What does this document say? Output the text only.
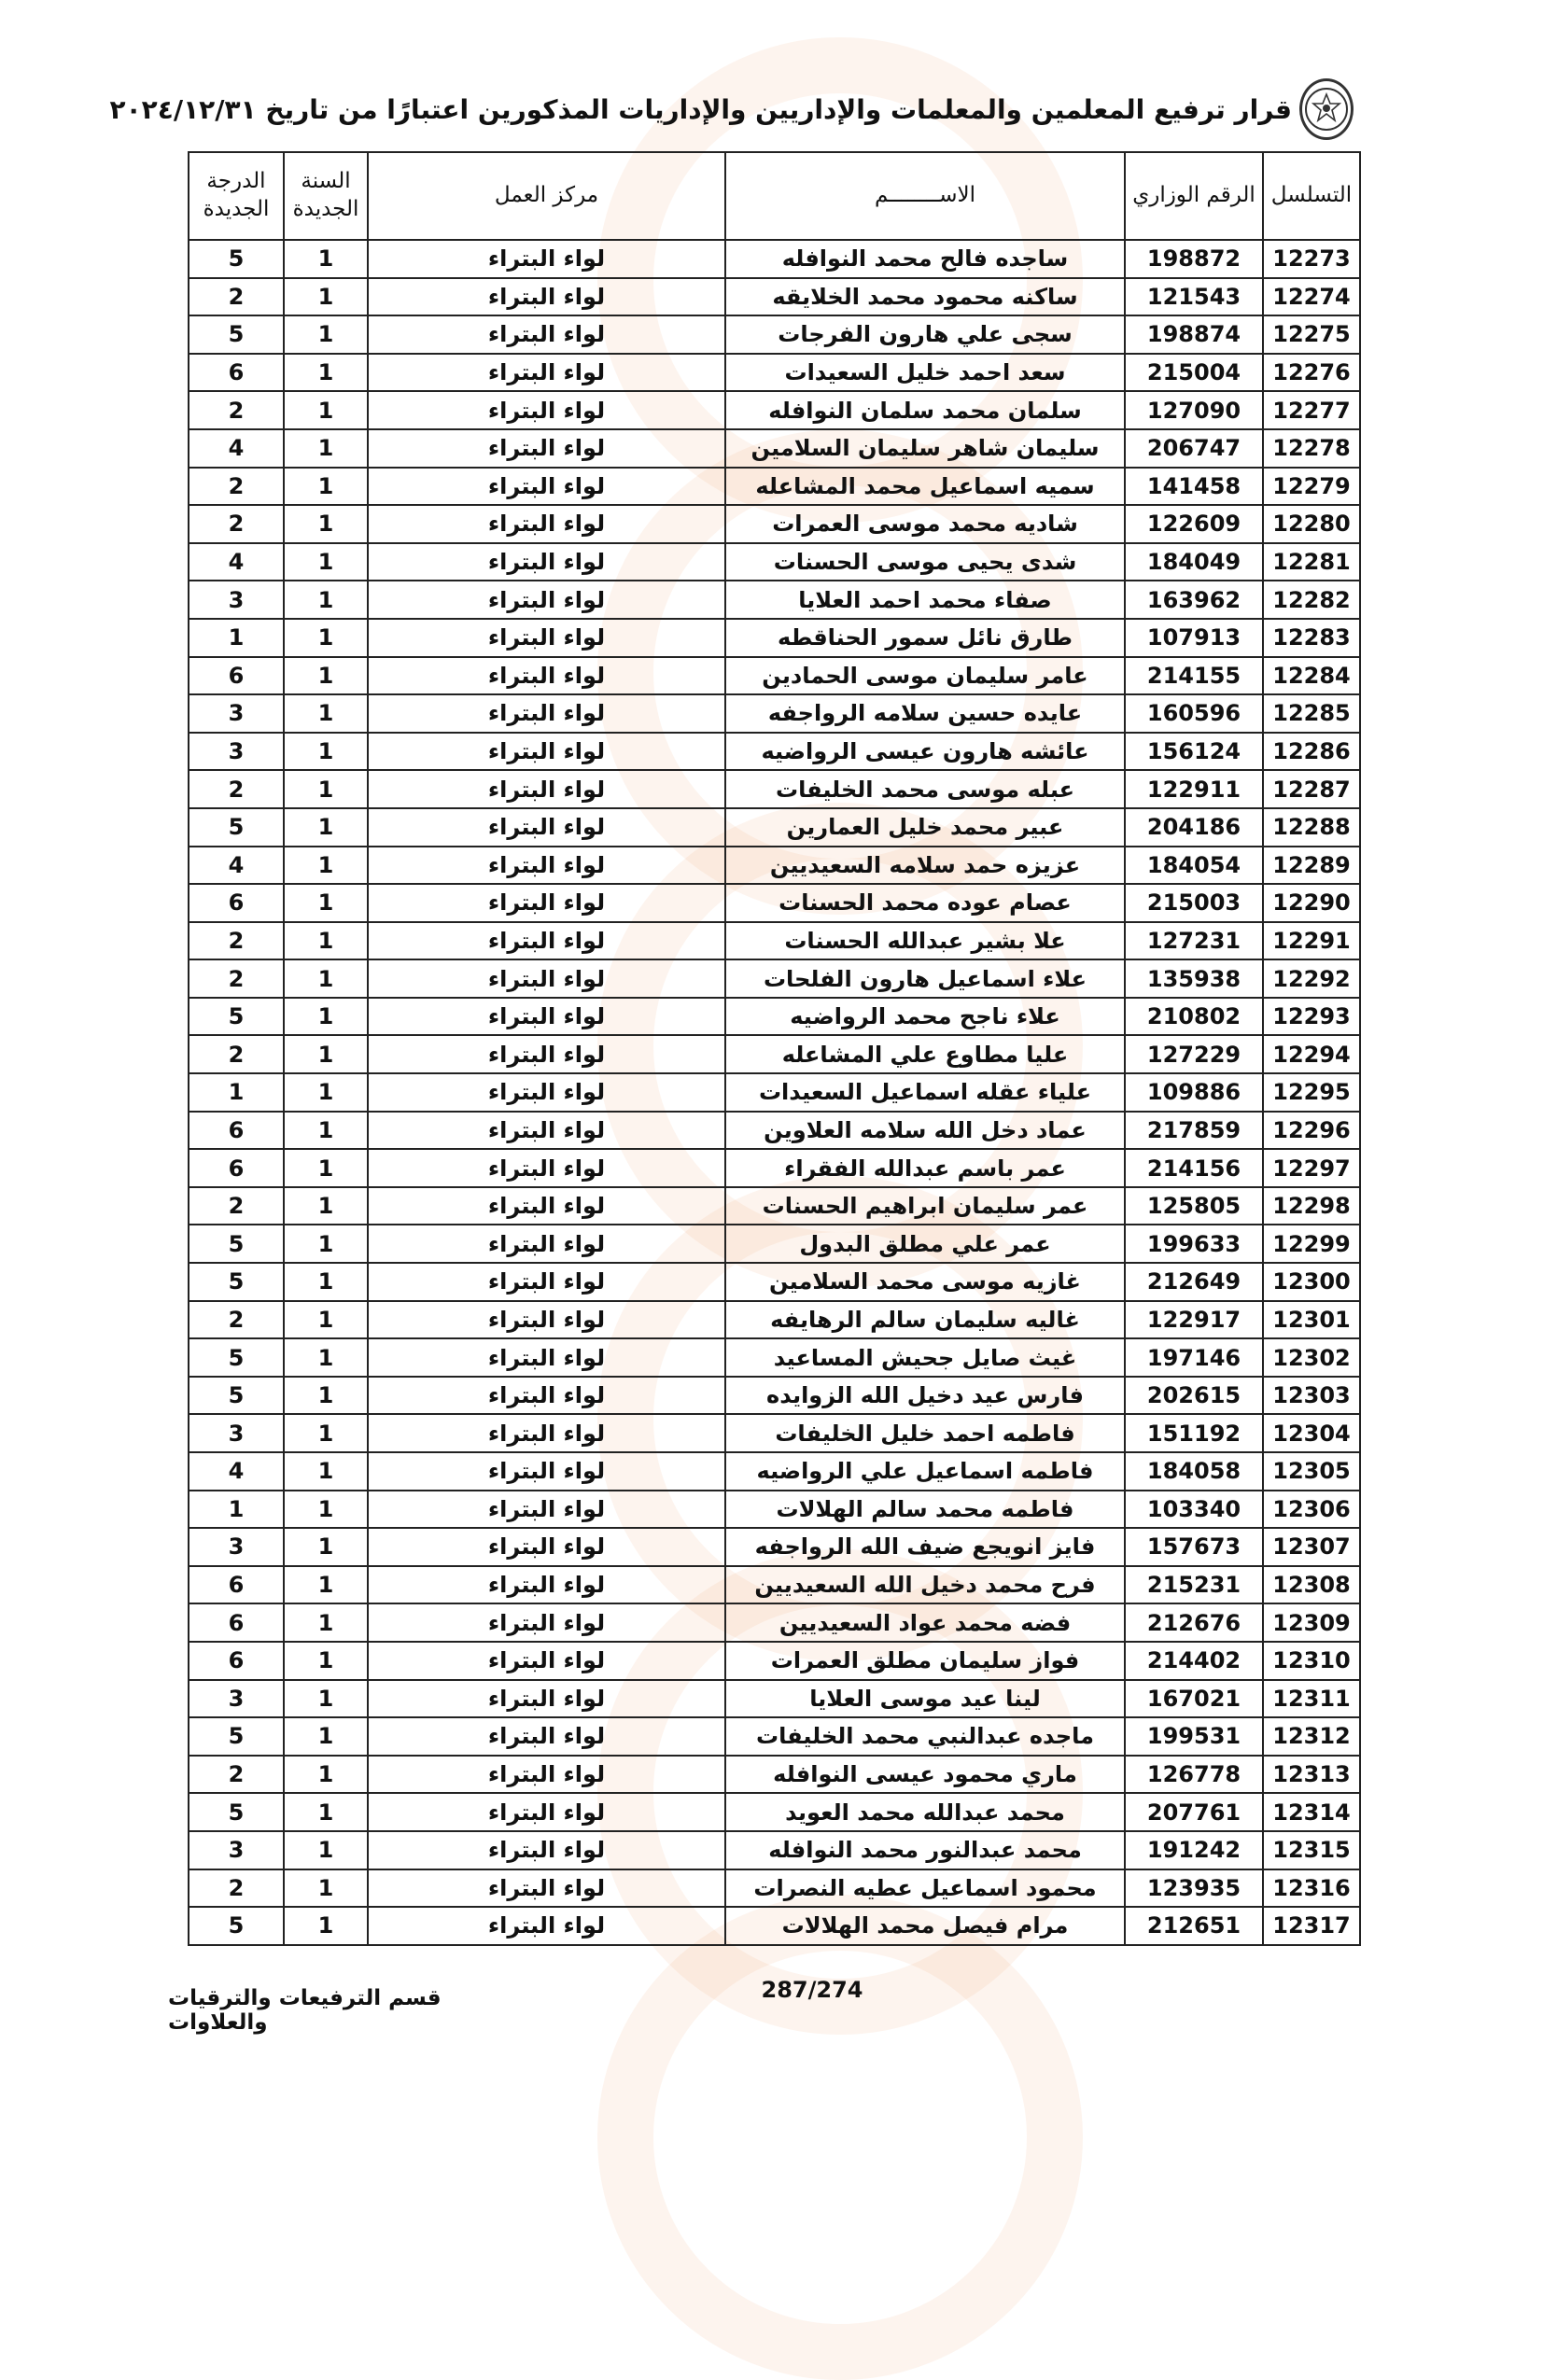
قرار ترفيع المعلمين والمعلمات والإداريين والإداريات المذكورين اعتبارًا من تاريخ ٢٠٢٤/١٢/٣١
التسلسل	الرقم الوزاري	الاســــــــم	مركز العمل	السنة الجديدة	الدرجة الجديدة
12273	198872	ساجده فالح محمد النوافله	لواء البتراء	1	5
12274	121543	ساكنه محمود محمد الخلايقه	لواء البتراء	1	2
12275	198874	سجى علي هارون الفرجات	لواء البتراء	1	5
12276	215004	سعد احمد خليل السعيدات	لواء البتراء	1	6
12277	127090	سلمان محمد سلمان النوافله	لواء البتراء	1	2
12278	206747	سليمان شاهر سليمان السلامين	لواء البتراء	1	4
12279	141458	سميه اسماعيل محمد المشاعله	لواء البتراء	1	2
12280	122609	شاديه محمد موسى العمرات	لواء البتراء	1	2
12281	184049	شدى يحيى موسى الحسنات	لواء البتراء	1	4
12282	163962	صفاء محمد احمد العلايا	لواء البتراء	1	3
12283	107913	طارق نائل سمور الحناقطه	لواء البتراء	1	1
12284	214155	عامر سليمان موسى الحمادين	لواء البتراء	1	6
12285	160596	عايده حسين سلامه الرواجفه	لواء البتراء	1	3
12286	156124	عائشه هارون عيسى الرواضيه	لواء البتراء	1	3
12287	122911	عبله موسى محمد الخليفات	لواء البتراء	1	2
12288	204186	عبير محمد خليل العمارين	لواء البتراء	1	5
12289	184054	عزيزه حمد سلامه السعيديين	لواء البتراء	1	4
12290	215003	عصام عوده محمد الحسنات	لواء البتراء	1	6
12291	127231	علا بشير عبدالله الحسنات	لواء البتراء	1	2
12292	135938	علاء اسماعيل هارون الفلحات	لواء البتراء	1	2
12293	210802	علاء ناجح محمد الرواضيه	لواء البتراء	1	5
12294	127229	عليا مطاوع علي المشاعله	لواء البتراء	1	2
12295	109886	علياء عقله اسماعيل السعيدات	لواء البتراء	1	1
12296	217859	عماد دخل الله سلامه العلاوين	لواء البتراء	1	6
12297	214156	عمر باسم عبدالله الفقراء	لواء البتراء	1	6
12298	125805	عمر سليمان ابراهيم الحسنات	لواء البتراء	1	2
12299	199633	عمر علي مطلق البدول	لواء البتراء	1	5
12300	212649	غازيه موسى محمد السلامين	لواء البتراء	1	5
12301	122917	غاليه سليمان سالم الرهايفه	لواء البتراء	1	2
12302	197146	غيث صايل جحيش المساعيد	لواء البتراء	1	5
12303	202615	فارس عيد دخيل الله الزوايده	لواء البتراء	1	5
12304	151192	فاطمه احمد خليل الخليفات	لواء البتراء	1	3
12305	184058	فاطمه اسماعيل علي الرواضيه	لواء البتراء	1	4
12306	103340	فاطمه محمد سالم الهلالات	لواء البتراء	1	1
12307	157673	فايز انويجع ضيف الله الرواجفه	لواء البتراء	1	3
12308	215231	فرح محمد دخيل الله السعيديين	لواء البتراء	1	6
12309	212676	فضه محمد عواد السعيديين	لواء البتراء	1	6
12310	214402	فواز سليمان مطلق العمرات	لواء البتراء	1	6
12311	167021	لينا عيد موسى العلايا	لواء البتراء	1	3
12312	199531	ماجده عبدالنبي محمد الخليفات	لواء البتراء	1	5
12313	126778	ماري محمود عيسى النوافله	لواء البتراء	1	2
12314	207761	محمد عبدالله محمد العويد	لواء البتراء	1	5
12315	191242	محمد عبدالنور محمد النوافله	لواء البتراء	1	3
12316	123935	محمود اسماعيل عطيه النصرات	لواء البتراء	1	2
12317	212651	مرام فيصل محمد الهلالات	لواء البتراء	1	5
287/274
قسم الترفيعات والترقيات والعلاوات
